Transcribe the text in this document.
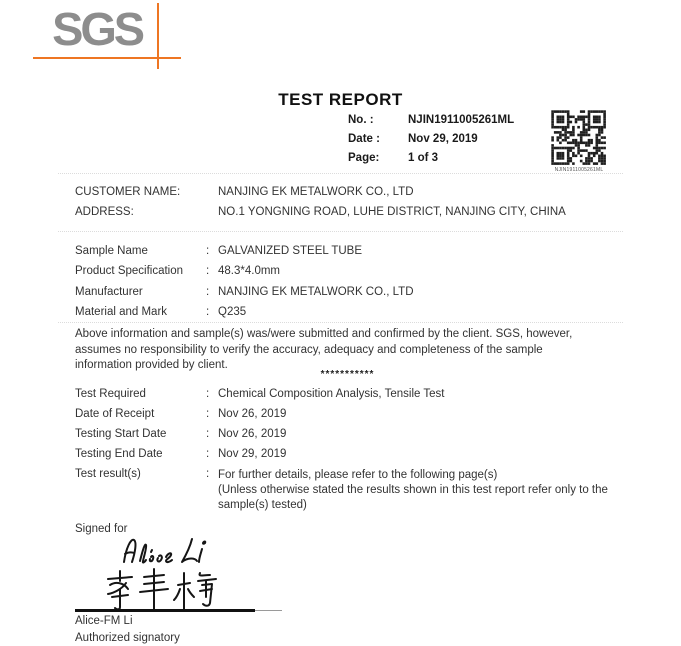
SGS
TEST REPORT
No. :	NJIN1911005261ML
Date : Nov 29, 2019
Page: 1 of 3
NJIN1911005261ML
CUSTOMER NAME:	NANJING EK METALWORK CO., LTD
ADDRESS:	NO.1 YONGNING ROAD, LUHE DISTRICT, NANJING CITY, CHINA
Sample Name	: GALVANIZED STEEL TUBE
Product Specification : 48.3*4.0mm
Manufacturer	: NANJING EK METALWORK CO., LTD
Material and Mark	: Q235
Above information and sample(s) was/were submitted and confirmed by the client. SGS, however, assumes no responsibility to verify the accuracy, adequacy and completeness of the sample information provided by client.
***********
Test Required	: Chemical Composition Analysis, Tensile Test
Date of Receipt	: Nov 26, 2019
Testing Start Date	: Nov 26, 2019
Testing End Date	: Nov 29, 2019
Test result(s)	: For further details, please refer to the following page(s)
(Unless otherwise stated the results shown in this test report refer only to the sample(s) tested)
Signed for
Alice-FM Li
Authorized signatory
